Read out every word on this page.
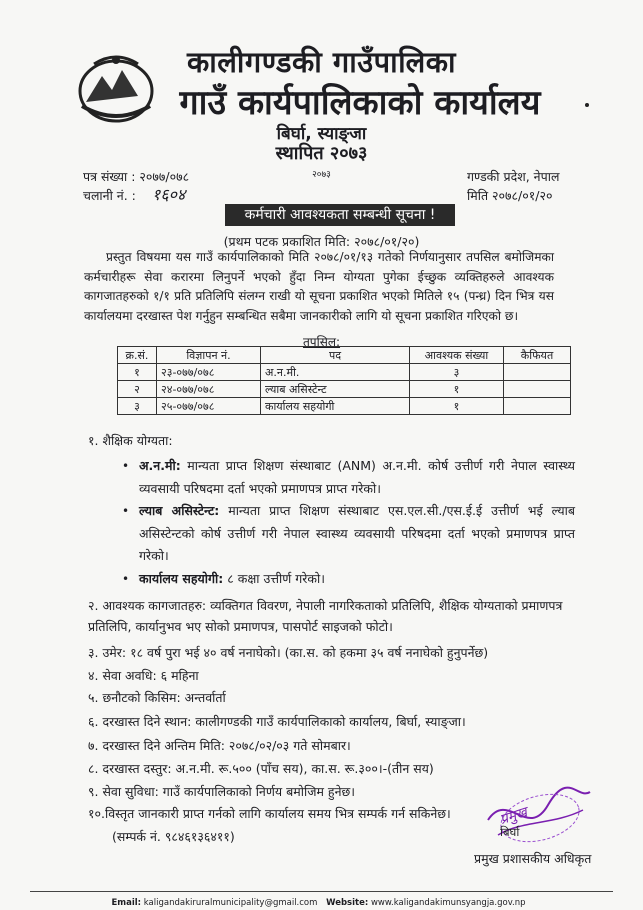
कालीगण्डकी गाउँपालिका
गाउँ कार्यपालिकाको कार्यालय
बिर्घा, स्याङ्जा
स्थापित २०७३
२०७३
पत्र संख्या : २०७७/०७८
चलानी नं. : १६०४
गण्डकी प्रदेश, नेपाल
मिति २०७८/०१/२०
कर्मचारी आवश्यकता सम्बन्धी सूचना !
(प्रथम पटक प्रकाशित मिति: २०७८/०१/२०)
प्रस्तुत विषयमा यस गाउँ कार्यपालिकाको मिति २०७८/०१/१३ गतेको निर्णयानुसार तपसिल बमोजिमका कर्मचारीहरू सेवा करारमा लिनुपर्ने भएको हुँदा निम्न योग्यता पुगेका ईच्छुक व्यक्तिहरुले आवश्यक कागजातहरुको १/१ प्रति प्रतिलिपि संलग्न राखी यो सूचना प्रकाशित भएको मितिले १५ (पन्ध्र) दिन भित्र यस कार्यालयमा दरखास्त पेश गर्नुहुन सम्बन्धित सबैमा जानकारीको लागि यो सूचना प्रकाशित गरिएको छ।
तपसिल:
क्र.सं.	विज्ञापन नं.	पद	आवश्यक संख्या	कैफियत
१	२३-०७७/०७८	अ.न.मी.	३	
२	२४-०७७/०७८	ल्याब असिस्टेन्ट	१	
३	२५-०७७/०७८	कार्यालय सहयोगी	१	
१. शैक्षिक योग्यता:
• अ.न.मी: मान्यता प्राप्त शिक्षण संस्थाबाट (ANM) अ.न.मी. कोर्ष उत्तीर्ण गरी नेपाल स्वास्थ्य व्यवसायी परिषदमा दर्ता भएको प्रमाणपत्र प्राप्त गरेको।
• ल्याब असिस्टेन्ट: मान्यता प्राप्त शिक्षण संस्थाबाट एस.एल.सी./एस.ई.ई उत्तीर्ण भई ल्याब असिस्टेन्टको कोर्ष उत्तीर्ण गरी नेपाल स्वास्थ्य व्यवसायी परिषदमा दर्ता भएको प्रमाणपत्र प्राप्त गरेको।
• कार्यालय सहयोगी: ८ कक्षा उत्तीर्ण गरेको।
२. आवश्यक कागजातहरु: व्यक्तिगत विवरण, नेपाली नागरिकताको प्रतिलिपि, शैक्षिक योग्यताको प्रमाणपत्र प्रतिलिपि, कार्यानुभव भए सोको प्रमाणपत्र, पासपोर्ट साइजको फोटो।
३. उमेर: १८ वर्ष पुरा भई ४० वर्ष ननाघेको। (का.स. को हकमा ३५ वर्ष ननाघेको हुनुपर्नेछ)
४. सेवा अवधि: ६ महिना
५. छनौटको किसिम: अन्तर्वार्ता
६. दरखास्त दिने स्थान: कालीगण्डकी गाउँ कार्यपालिकाको कार्यालय, बिर्घा, स्याङ्जा।
७. दरखास्त दिने अन्तिम मिति: २०७८/०२/०३ गते सोमबार।
८. दरखास्त दस्तुर: अ.न.मी. रू.५०० (पाँच सय), का.स. रू.३००।-(तीन सय)
९. सेवा सुविधा: गाउँ कार्यपालिकाको निर्णय बमोजिम हुनेछ।
१०.विस्तृत जानकारी प्राप्त गर्नको लागि कार्यालय समय भित्र सम्पर्क गर्न सकिनेछ।
(सम्पर्क नं. ९८४६१३६४११)
प्रमुख
बिर्घा
प्रमुख प्रशासकीय अधिकृत
Email: kaligandakiruralmunicipality@gmail.com Website: www.kaligandakimunsyangja.gov.np
